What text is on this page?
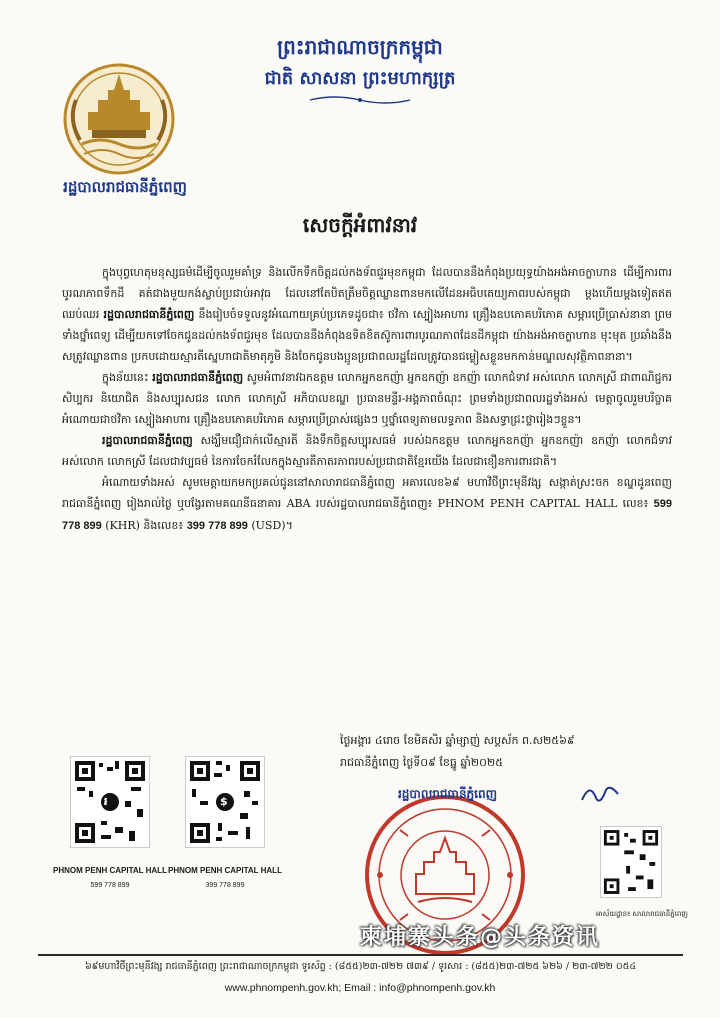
ព្រះរាជាណាចក្រកម្ពុជា
ជាតិ សាសនា ព្រះមហាក្សត្រ
រដ្ឋបាលរាជធានីភ្នំពេញ
សេចក្ដីអំពាវនាវ

ក្នុងបុព្វហេតុមនុស្សធម៌ដើម្បីចូលរួមគាំទ្រ និងលើកទឹកចិត្តដល់កងទ័ពជួរមុខកម្ពុជា ដែលបាននឹងកំពុងប្រយុទ្ធយ៉ាងអង់អាចក្លាហាន ដើម្បីការពារបូរណភាពទឹកដី គត់ជាងមួយកង់ស្លាប់ប្រជាប់អាវុធ ដែលនៅតែបិតត្រឹមចិត្តឈ្លានពានមកលើដែនអធិបតេយ្យភាពរបស់កម្ពុជា ម្ដងហើយម្ដងទៀតឥតឈប់ឈរ រដ្ឋបាលរាជធានីភ្នំពេញ នឹងរៀបចំទទួលនូវអំណោយគ្រប់ប្រភេទដូចជា៖ ថវិកា ស្បៀងអាហារ គ្រឿងឧបភោគបរិភោគ សម្ភារប្រើប្រាស់នានា ព្រមទាំងថ្នាំពេទ្យ ដើម្បីយកទៅចែកជូនដល់កងទ័ពជួរមុខ ដែលបាននឹងកំពុងឧទិតខិតស៊ូការពារបូរណភាពដែនដីកម្ពុជា យ៉ាងអង់អាចក្លាហាន មុះមុត ប្រឆាំងនឹងសត្រូវឈ្លានពាន ប្រកបដោយស្មារតីស្នេហាជាតិមាតុភូមិ និងចែកជូនបងប្អូនប្រជាពលរដ្ឋដែលត្រូវបានជម្លៀសខ្លួនមកកាន់មណ្ឌលសុវត្ថិភាពនានា។

ក្នុងន័យនេះ រដ្ឋបាលរាជធានីភ្នំពេញ សូមអំពាវនាវឯកឧត្តម លោកអ្នកឧកញ៉ា អ្នកឧកញ៉ា ឧកញ៉ា លោកជំទាវ អស់លោក លោកស្រី ជាពាណិជ្ជករ សិប្បករ និយោជិត និងសប្បុរសជន លោក លោកស្រី អភិបាលខណ្ឌ ប្រធានមន្ទីរ-អង្គភាពចំណុះ ព្រមទាំងប្រជាពលរដ្ឋទាំងអស់ មេត្តាចូលរួមបរិច្ចាគអំណោយជាថវិកា ស្បៀងអាហារ គ្រឿងឧបភោគបរិភោគ សម្ភារប្រើប្រាស់ផ្សេងៗ ឬថ្នាំពេទ្យតាមលទ្ធភាព និងសទ្ធាជ្រះថ្លារៀងៗខ្លួន។

រដ្ឋបាលរាជធានីភ្នំពេញ សង្ឃឹមជឿជាក់លើស្មារតី និងទឹកចិត្តសប្បុរសធម៌ របស់ឯកឧត្តម លោកអ្នកឧកញ៉ា អ្នកឧកញ៉ា ឧកញ៉ា លោកជំទាវ អស់លោក លោកស្រី ដែលជាវប្បធម៌ នៃការចែករំលែកក្នុងស្មារតីភាតរភាពរបស់ប្រជាជាតិខ្មែរយើង ដែលជាខឿនការពារជាតិ។

អំណោយទាំងអស់ សូមមេត្តាយកមកប្រគល់ជូននៅសាលារាជធានីភ្នំពេញ អគារលេខ៦៩ មហាវិថីព្រះមុនីវង្ស សង្កាត់ស្រះចក ខណ្ឌដូនពេញ រាជធានីភ្នំពេញ រៀងរាល់ថ្ងៃ ឬបង្វែរតាមគណនីធនាគារ ABA របស់រដ្ឋបាលរាជធានីភ្នំពេញ៖ PHNOM PENH CAPITAL HALL លេខ៖ 599 778 899 (KHR) និងលេខ៖ 399 778 899 (USD)។

ថ្ងៃអង្គារ ៤រោច ខែមិគសិរ ឆ្នាំម្សាញ់ សប្តស័ក ព.ស២៥៦៩
រាជធានីភ្នំពេញ ថ្ងៃទី០៩ ខែធ្នូ ឆ្នាំ២០២៥
៛	$
PHNOM PENH CAPITAL HALL
599 778 899
PHNOM PENH CAPITAL HALL
399 778 899
រដ្ឋបាលរាជធានីភ្នំពេញ
អាស័យដ្ឋាន៖ សាលារាជធានីភ្នំពេញ
柬埔寨头条@头条资讯
៦៩មហាវិថីព្រះមុនីវង្ស រាជធានីភ្នំពេញ ព្រះរាជាណាចក្រកម្ពុជា ទូរស័ព្ទ : (៨៥៥)២៣-៧២២ ៧៣៩ / ទូរសារ : (៨៥៥)២៣-៧២៥ ៦២៦ / ២៣-៧២២ ០៥៤
www.phnompenh.gov.kh; Email : info@phnompenh.gov.kh
